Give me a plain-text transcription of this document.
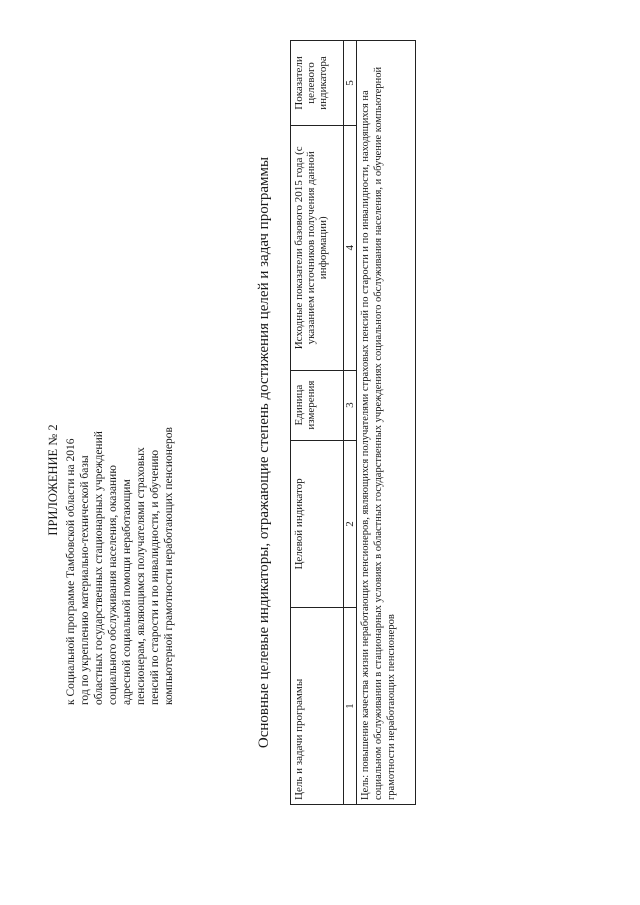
ПРИЛОЖЕНИЕ № 2 к Социальной программе Тамбовской области на 2016 год по укреплению материально-технической базы областных государственных стационарных учреждений социального обслуживания населения, оказанию адресной социальной помощи неработающим пенсионерам, являющимся получателями страховых пенсий по старости и по инвалидности, и обучению компьютерной грамотности неработающих пенсионеров	Основные целевые индикаторы, отражающие степень достижения целей и задач программы Цель и задачи программы	Целевой индикатор	Единица измерения	Исходные показатели базового 2015 года (с указанием источников получения данной информации)	Показатели целевого индикатора
1	2	3	4	5
Цель: повышение качества жизни неработающих пенсионеров, являющихся получателями страховых пенсий по старости и по инвалидности, находящихся на социальном обслуживании в стационарных условиях в областных государственных учреждениях социального обслуживания населения, и обучение компьютерной грамотности неработающих пенсионеров				
